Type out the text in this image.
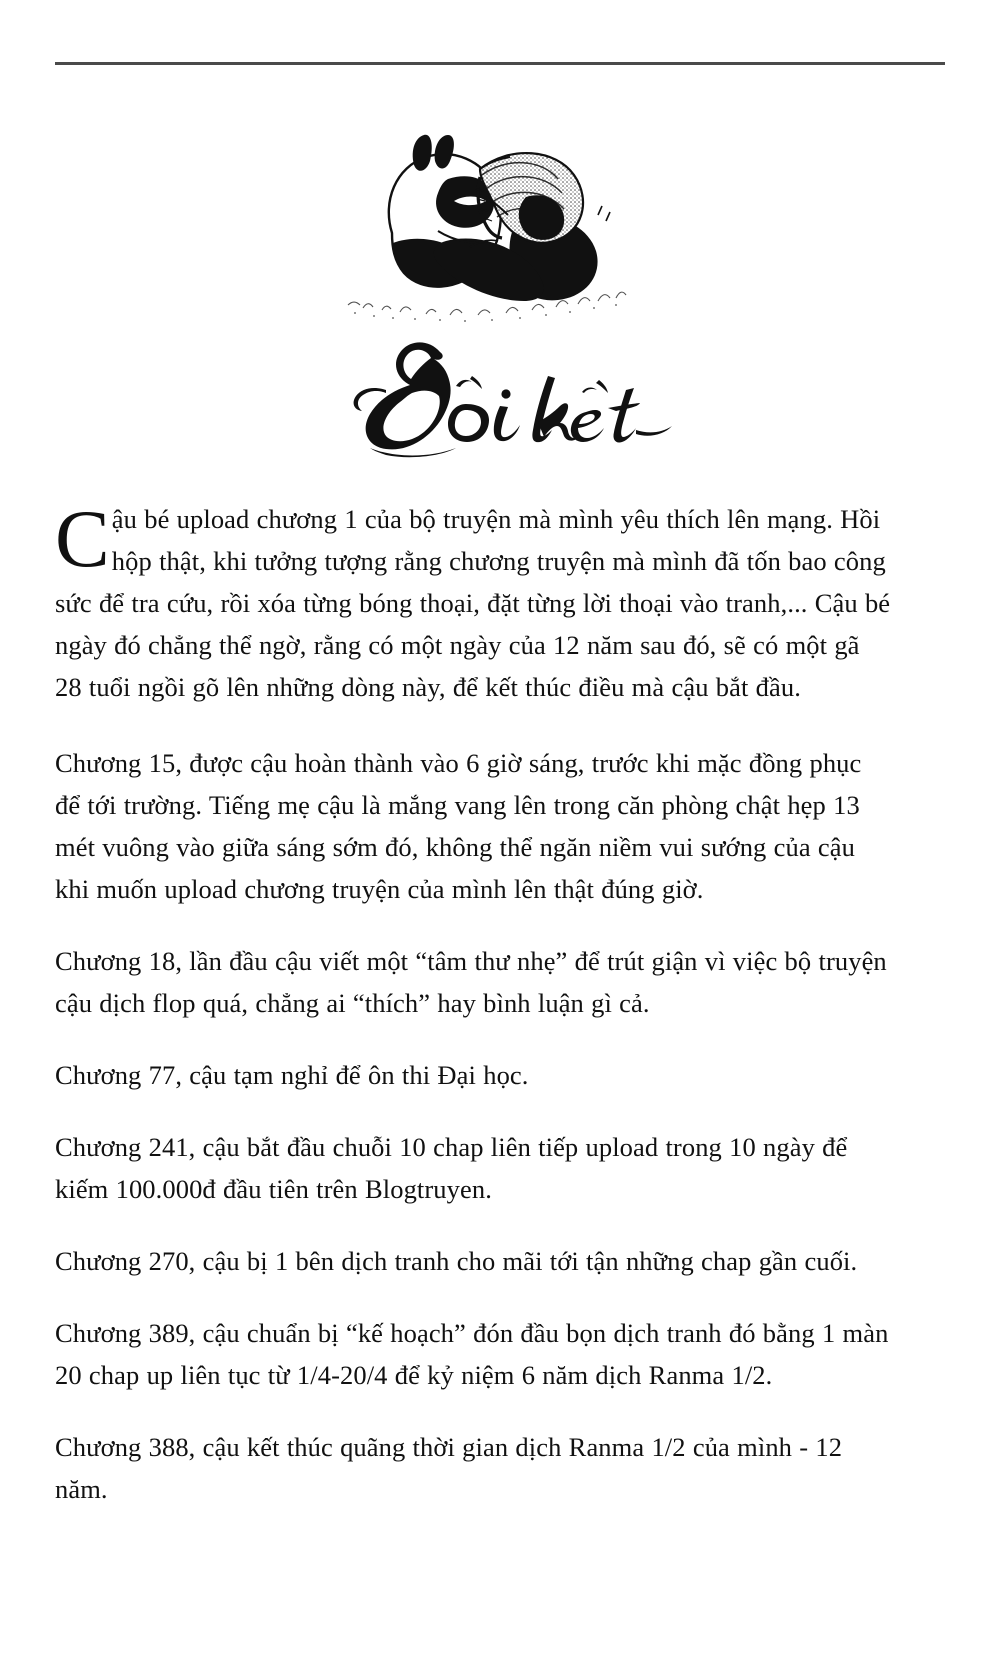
Cậu bé upload chương 1 của bộ truyện mà mình yêu thích lên mạng. Hồi hộp thật, khi tưởng tượng rằng chương truyện mà mình đã tốn bao công sức để tra cứu, rồi xóa từng bóng thoại, đặt từng lời thoại vào tranh,... Cậu bé ngày đó chẳng thể ngờ, rằng có một ngày của 12 năm sau đó, sẽ có một gã 28 tuổi ngồi gõ lên những dòng này, để kết thúc điều mà cậu bắt đầu.

Chương 15, được cậu hoàn thành vào 6 giờ sáng, trước khi mặc đồng phục để tới trường. Tiếng mẹ cậu là mắng vang lên trong căn phòng chật hẹp 13 mét vuông vào giữa sáng sớm đó, không thể ngăn niềm vui sướng của cậu khi muốn upload chương truyện của mình lên thật đúng giờ.

Chương 18, lần đầu cậu viết một “tâm thư nhẹ” để trút giận vì việc bộ truyện cậu dịch flop quá, chẳng ai “thích” hay bình luận gì cả.

Chương 77, cậu tạm nghỉ để ôn thi Đại học.

Chương 241, cậu bắt đầu chuỗi 10 chap liên tiếp upload trong 10 ngày để kiếm 100.000đ đầu tiên trên Blogtruyen.

Chương 270, cậu bị 1 bên dịch tranh cho mãi tới tận những chap gần cuối.

Chương 389, cậu chuẩn bị “kế hoạch” đón đầu bọn dịch tranh đó bằng 1 màn 20 chap up liên tục từ 1/4-20/4 để kỷ niệm 6 năm dịch Ranma 1/2.

Chương 388, cậu kết thúc quãng thời gian dịch Ranma 1/2 của mình - 12 năm.
